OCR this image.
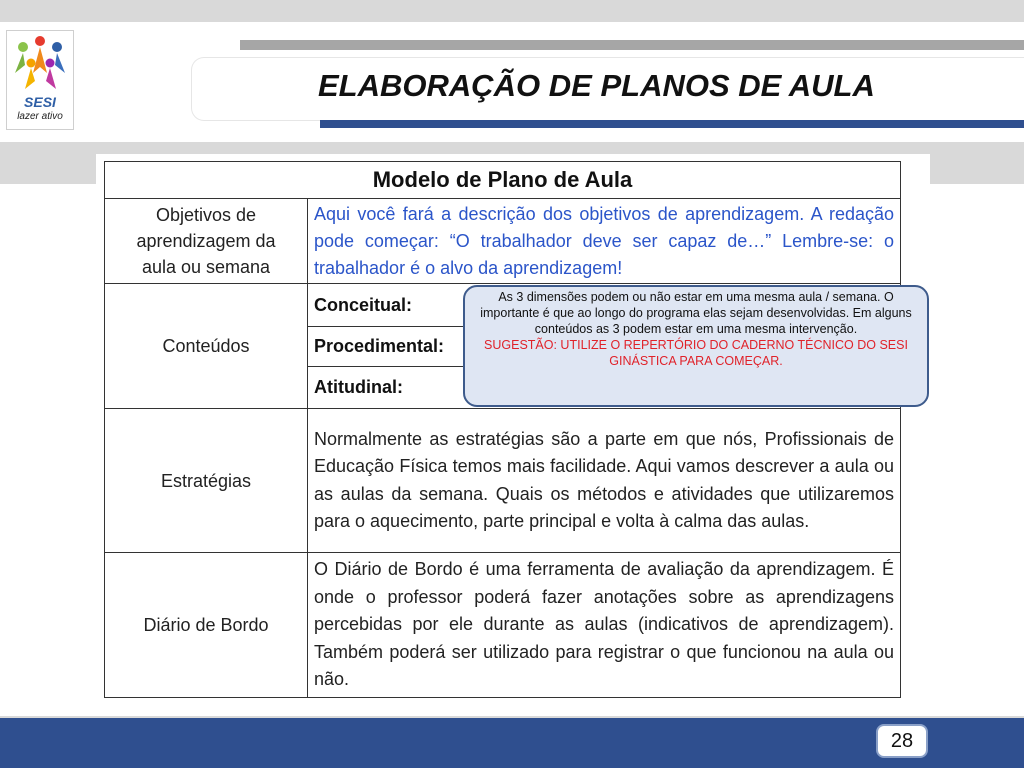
SESI
lazer ativo
ELABORAÇÃO DE PLANOS DE AULA
Modelo de Plano de Aula	
Objetivos de aprendizagem da aula ou semana	Aqui você fará a descrição dos objetivos de aprendizagem. A redação pode começar: “O trabalhador deve ser capaz de…” Lembre-se: o trabalhador é o alvo da aprendizagem!
Conteúdos	Conceitual:
	Procedimental:
	Atitudinal:
Estratégias	Normalmente as estratégias são a parte em que nós, Profissionais de Educação Física temos mais facilidade. Aqui vamos descrever a aula ou as aulas da semana. Quais os métodos e atividades que utilizaremos para o aquecimento, parte principal e volta à calma das aulas.
Diário de Bordo	O Diário de Bordo é uma ferramenta de avaliação da aprendizagem. É onde o professor poderá fazer anotações sobre as aprendizagens percebidas por ele durante as aulas (indicativos de aprendizagem). Também poderá ser utilizado para registrar o que funcionou na aula ou não.
As 3 dimensões podem ou não estar em uma mesma aula / semana. O importante é que ao longo do programa elas sejam desenvolvidas. Em alguns conteúdos as 3 podem estar em uma mesma intervenção.
SUGESTÃO: UTILIZE O REPERTÓRIO DO CADERNO TÉCNICO DO SESI GINÁSTICA PARA COMEÇAR.
28
